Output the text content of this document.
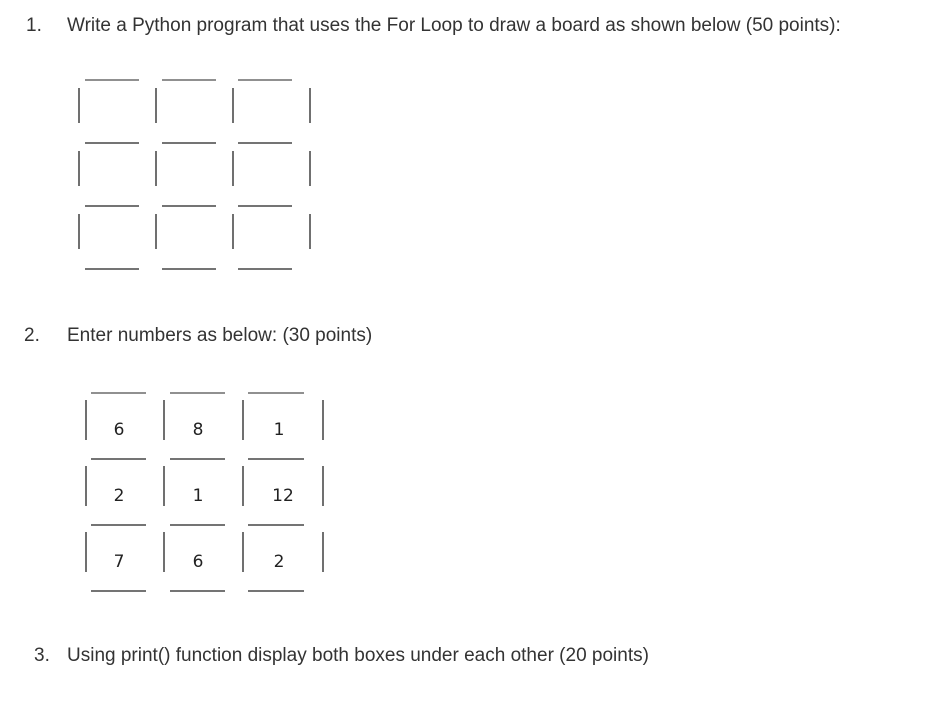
1. Write a Python program that uses the For Loop to draw a board as shown below (50 points):
2. Enter numbers as below: (30 points)
6	8	1
2	1	12
7	6	2
3. Using print() function display both boxes under each other (20 points)
